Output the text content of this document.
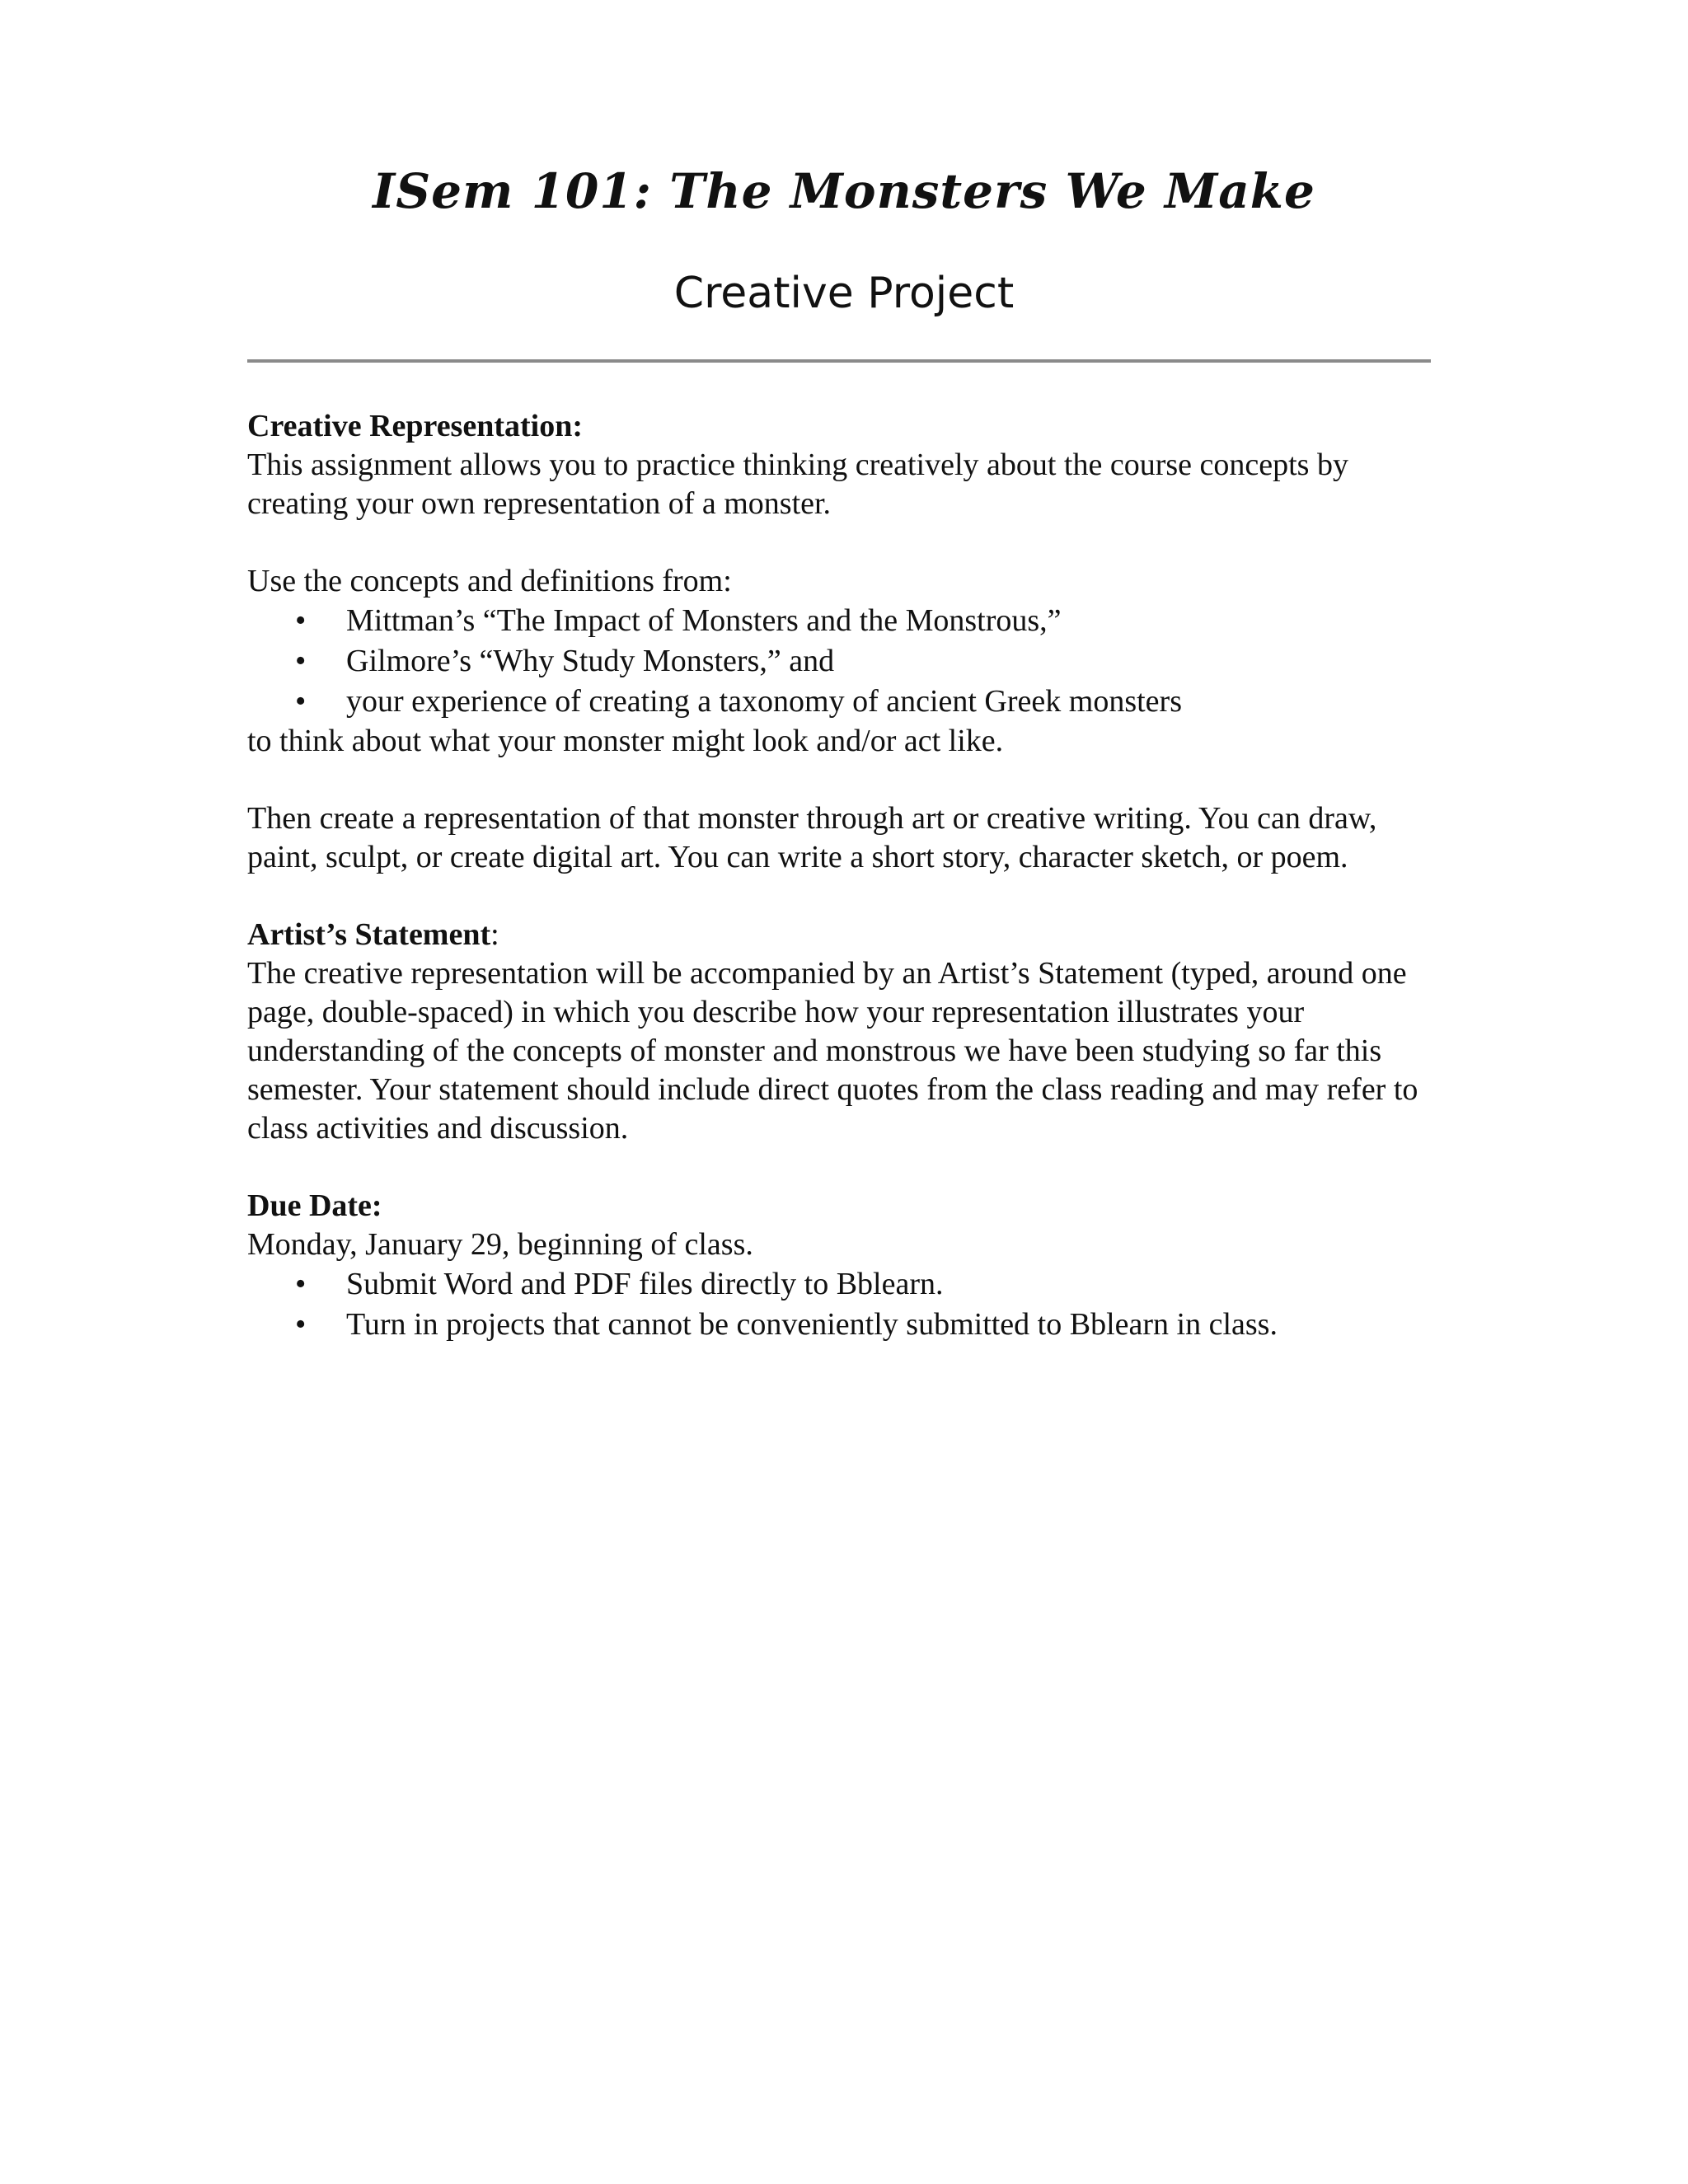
ISem 101: The Monsters We Make
Creative Project

Creative Representation:

This assignment allows you to practice thinking creatively about the course concepts by creating your own representation of a monster.

Use the concepts and definitions from:

• Mittman’s “The Impact of Monsters and the Monstrous,”
• Gilmore’s “Why Study Monsters,” and
• your experience of creating a taxonomy of ancient Greek monsters

to think about what your monster might look and/or act like.

Then create a representation of that monster through art or creative writing. You can draw, paint, sculpt, or create digital art. You can write a short story, character sketch, or poem.

Artist’s Statement:

The creative representation will be accompanied by an Artist’s Statement (typed, around one page, double-spaced) in which you describe how your representation illustrates your understanding of the concepts of monster and monstrous we have been studying so far this semester. Your statement should include direct quotes from the class reading and may refer to class activities and discussion.

Due Date:

Monday, January 29, beginning of class.

• Submit Word and PDF files directly to Bblearn.
• Turn in projects that cannot be conveniently submitted to Bblearn in class.
